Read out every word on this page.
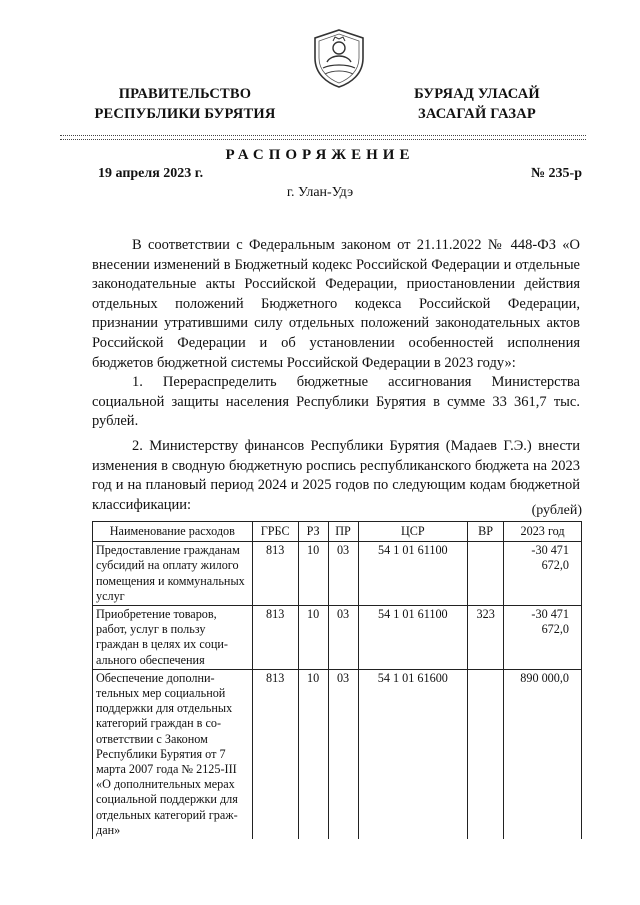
ПРАВИТЕЛЬСТВО
РЕСПУБЛИКИ БУРЯТИЯ
БУРЯАД УЛАСАЙ
ЗАСАГАЙ ГАЗАР
РАСПОРЯЖЕНИЕ
19 апреля 2023 г.	№ 235-р
г. Улан-Удэ
В соответствии с Федеральным законом от 21.11.2022 № 448-ФЗ «О внесении изменений в Бюджетный кодекс Российской Федерации и отдельные законодательные акты Российской Федерации, приостановлении действия отдельных положений Бюджетного кодекса Российской Федерации, признании утратившими силу отдельных положений законодательных актов Российской Федерации и об установлении особенностей исполнения бюджетов бюджетной системы Российской Федерации в 2023 году»:
1. Перераспределить бюджетные ассигнования Министерства социальной защиты населения Республики Бурятия в сумме 33 361,7 тыс. рублей.
2. Министерству финансов Республики Бурятия (Мадаев Г.Э.) внести изменения в сводную бюджетную роспись республиканского бюджета на 2023 год и на плановый период 2024 и 2025 годов по следующим кодам бюджетной классификации:	(рублей)
Наименование расходов	ГРБС	РЗ	ПР	ЦСР	ВР	2023 год
Предоставление гражданам субсидий на оплату жилого помещения и коммунальных услуг	813	10	03	54 1 01 61100		-30 471 672,0
Приобретение товаров, работ, услуг в пользу граждан в целях их социального обеспечения	813	10	03	54 1 01 61100	323	-30 471 672,0
Обеспечение дополнительных мер социальной поддержки для отдельных категорий граждан в соответствии с Законом Республики Бурятия от 7 марта 2007 года № 2125-III «О дополнительных мерах социальной поддержки для отдельных категорий граждан»	813	10	03	54 1 01 61600		890 000,0
